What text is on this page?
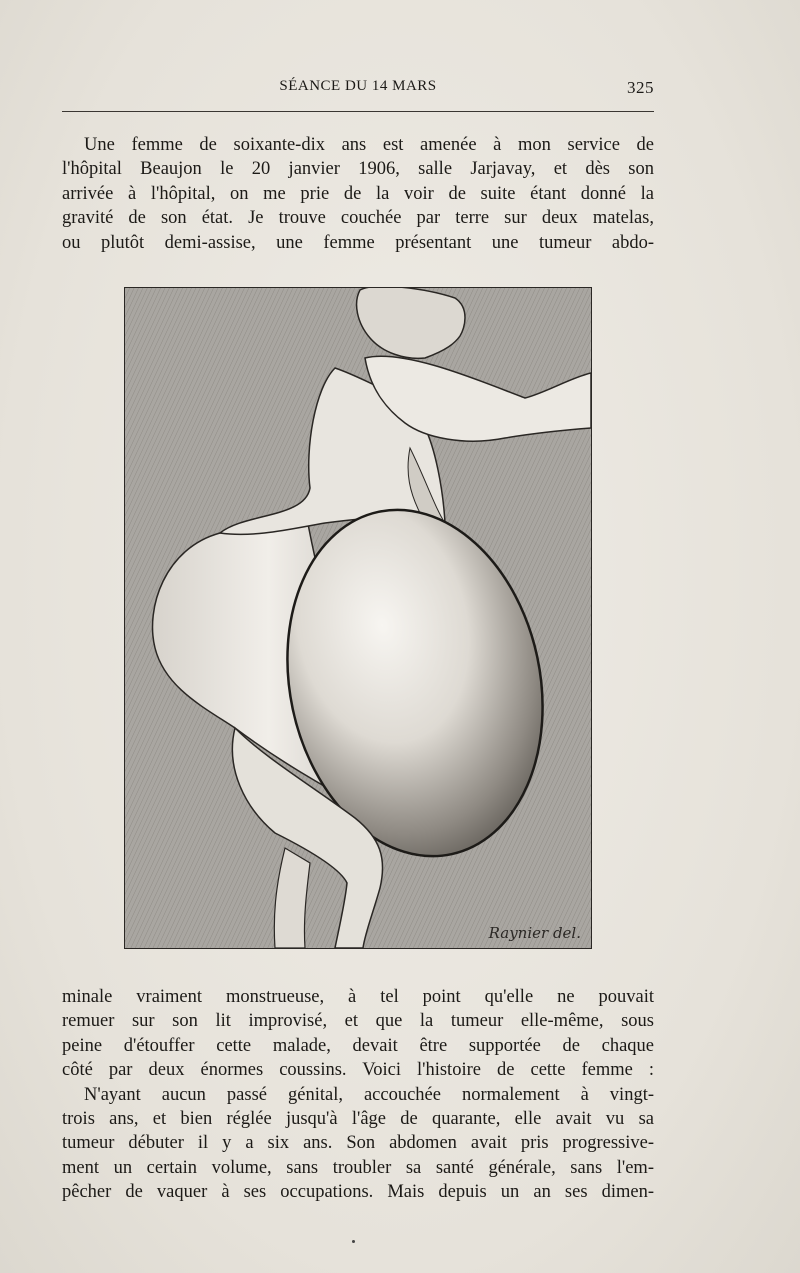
SÉANCE DU 14 MARS	325
Une femme de soixante-dix ans est amenée à mon service de
l'hôpital Beaujon le 20 janvier 1906, salle Jarjavay, et dès son
arrivée à l'hôpital, on me prie de la voir de suite étant donné la
gravité de son état. Je trouve couchée par terre sur deux matelas,
ou plutôt demi-assise, une femme présentant une tumeur abdo-
Raynier del.
minale vraiment monstrueuse, à tel point qu'elle ne pouvait
remuer sur son lit improvisé, et que la tumeur elle-même, sous
peine d'étouffer cette malade, devait être supportée de chaque
côté par deux énormes coussins. Voici l'histoire de cette femme :
N'ayant aucun passé génital, accouchée normalement à vingt-
trois ans, et bien réglée jusqu'à l'âge de quarante, elle avait vu sa
tumeur débuter il y a six ans. Son abdomen avait pris progressive-
ment un certain volume, sans troubler sa santé générale, sans l'em-
pêcher de vaquer à ses occupations. Mais depuis un an ses dimen-
